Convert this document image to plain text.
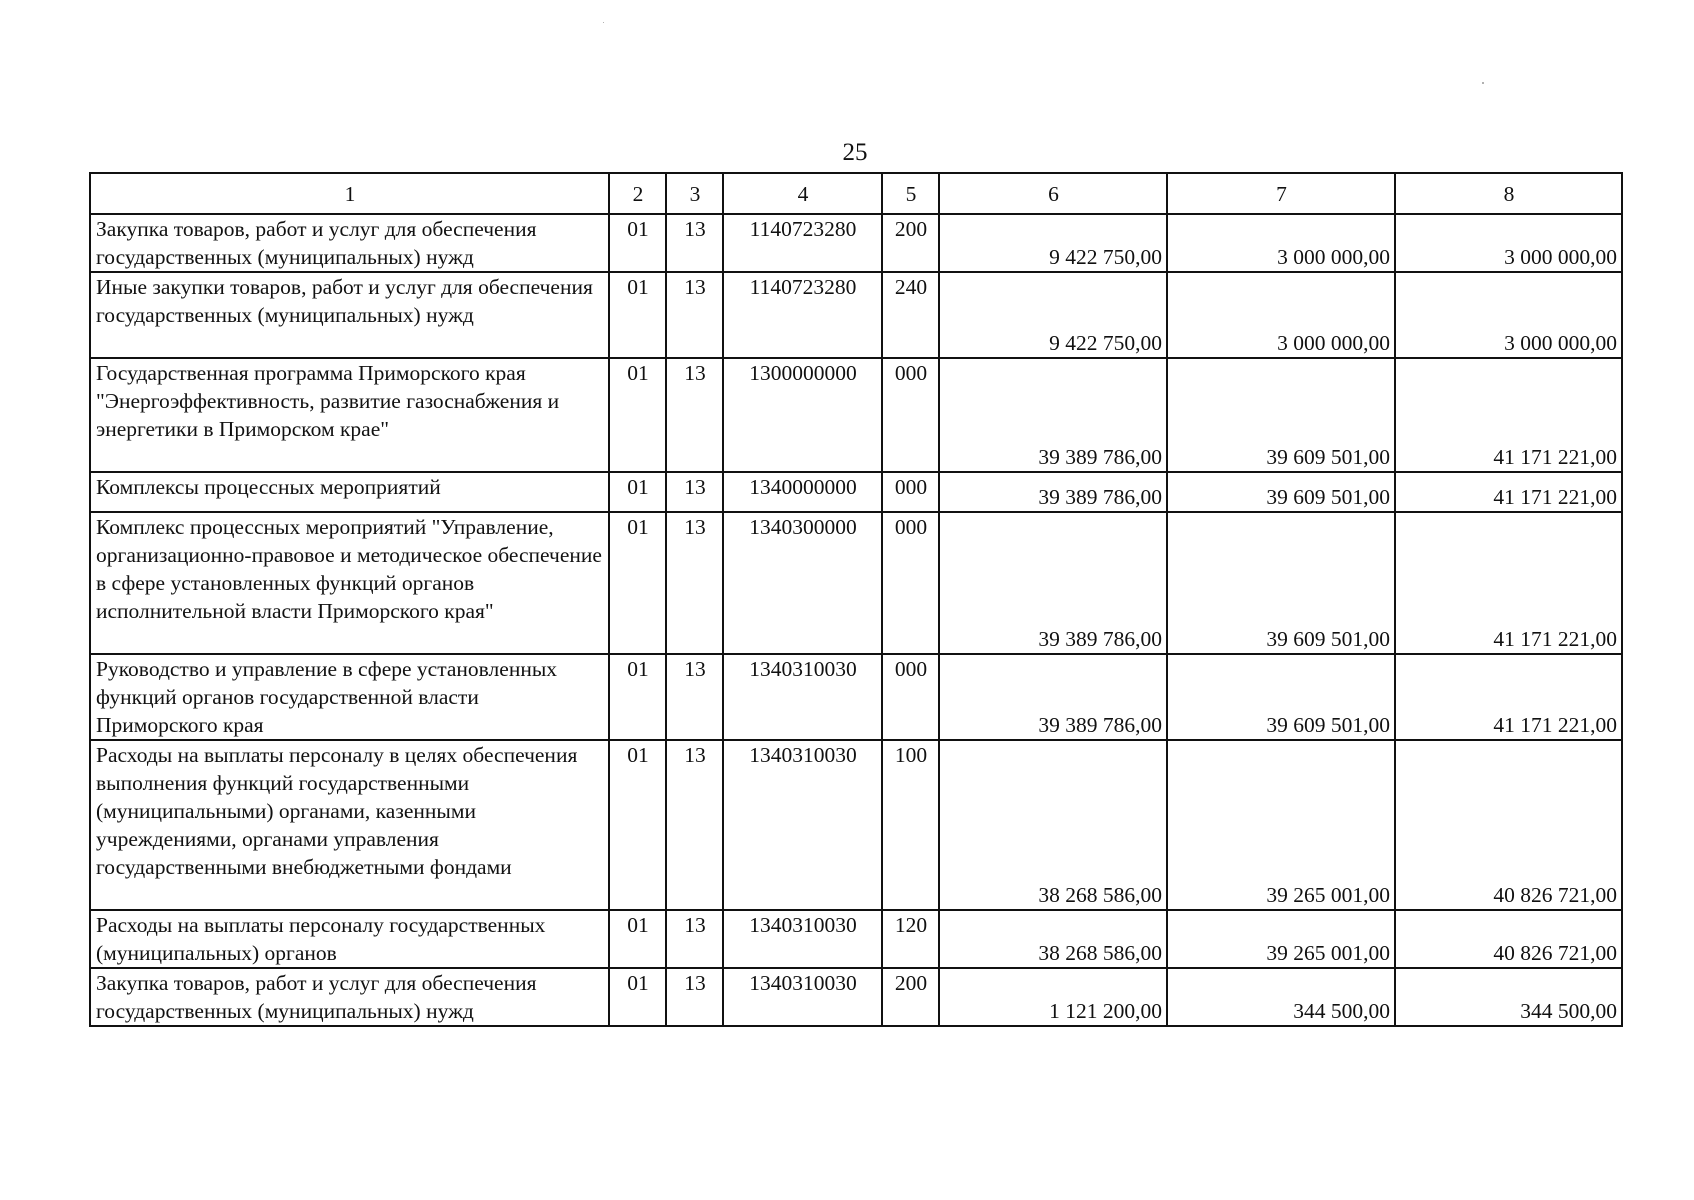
25
1	2	3	4	5	6	7	8
Закупка товаров, работ и услуг для обеспечения государственных (муниципальных) нужд	01	13	1140723280	200	9 422 750,00	3 000 000,00	3 000 000,00
Иные закупки товаров, работ и услуг для обеспечения государственных (муниципальных) нужд	01	13	1140723280	240	9 422 750,00	3 000 000,00	3 000 000,00
Государственная программа Приморского края "Энергоэффективность, развитие газоснабжения и энергетики в Приморском крае"	01	13	1300000000	000	39 389 786,00	39 609 501,00	41 171 221,00
Комплексы процессных мероприятий	01	13	1340000000	000	39 389 786,00	39 609 501,00	41 171 221,00
Комплекс процессных мероприятий "Управление, организационно-правовое и методическое обеспечение в сфере установленных функций органов исполнительной власти Приморского края"	01	13	1340300000	000	39 389 786,00	39 609 501,00	41 171 221,00
Руководство и управление в сфере установленных функций органов государственной власти Приморского края	01	13	1340310030	000	39 389 786,00	39 609 501,00	41 171 221,00
Расходы на выплаты персоналу в целях обеспечения выполнения функций государственными (муниципальными) органами, казенными учреждениями, органами управления государственными внебюджетными фондами	01	13	1340310030	100	38 268 586,00	39 265 001,00	40 826 721,00
Расходы на выплаты персоналу государственных (муниципальных) органов	01	13	1340310030	120	38 268 586,00	39 265 001,00	40 826 721,00
Закупка товаров, работ и услуг для обеспечения государственных (муниципальных) нужд	01	13	1340310030	200	1 121 200,00	344 500,00	344 500,00
